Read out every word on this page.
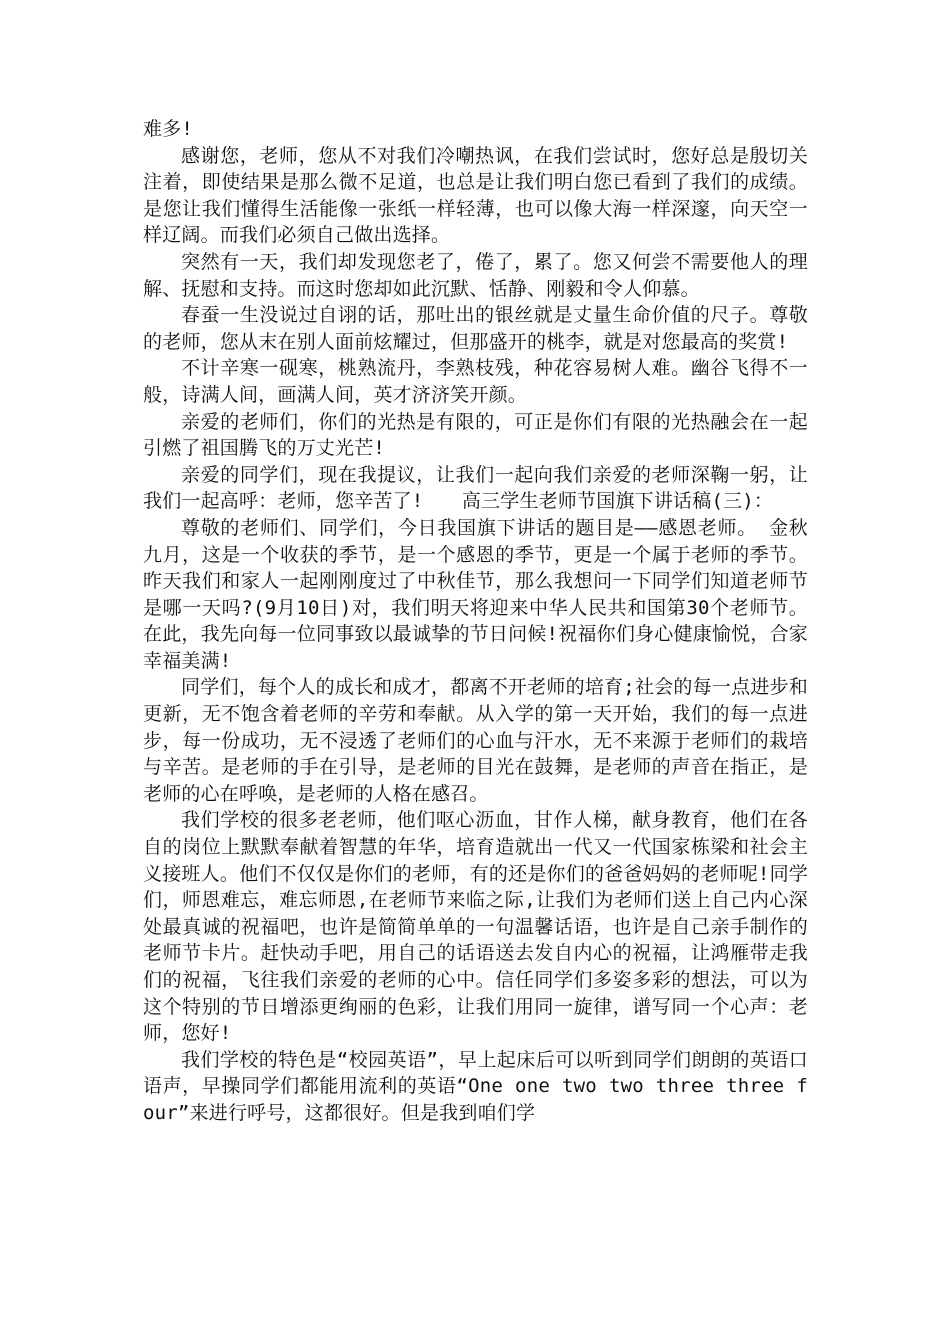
难多!

感谢您，老师，您从不对我们冷嘲热讽，在我们尝试时，您好总是殷切关注着，即使结果是那么微不足道，也总是让我们明白您已看到了我们的成绩。是您让我们懂得生活能像一张纸一样轻薄，也可以像大海一样深邃，向天空一样辽阔。而我们必须自己做出选择。

突然有一天，我们却发现您老了，倦了，累了。您又何尝不需要他人的理解、抚慰和支持。而这时您却如此沉默、恬静、刚毅和令人仰慕。

春蚕一生没说过自诩的话，那吐出的银丝就是丈量生命价值的尺子。尊敬的老师，您从末在别人面前炫耀过，但那盛开的桃李，就是对您最高的奖赏!

不计辛寒一砚寒，桃熟流丹，李熟枝残，种花容易树人难。幽谷飞得不一般，诗满人间，画满人间，英才济济笑开颜。

亲爱的老师们，你们的光热是有限的，可正是你们有限的光热融会在一起引燃了祖国腾飞的万丈光芒!

亲爱的同学们，现在我提议，让我们一起向我们亲爱的老师深鞠一躬，让我们一起高呼：老师，您辛苦了!　　高三学生老师节国旗下讲话稿(三)：

尊敬的老师们、同学们，今日我国旗下讲话的题目是——感恩老师。 金秋九月，这是一个收获的季节，是一个感恩的季节，更是一个属于老师的季节。昨天我们和家人一起刚刚度过了中秋佳节，那么我想问一下同学们知道老师节是哪一天吗?(9月10日)对，我们明天将迎来中华人民共和国第30个老师节。在此，我先向每一位同事致以最诚挚的节日问候!祝福你们身心健康愉悦，合家幸福美满!

同学们，每个人的成长和成才，都离不开老师的培育;社会的每一点进步和更新，无不饱含着老师的辛劳和奉献。从入学的第一天开始，我们的每一点进步，每一份成功，无不浸透了老师们的心血与汗水，无不来源于老师们的栽培与辛苦。是老师的手在引导，是老师的目光在鼓舞，是老师的声音在指正，是老师的心在呼唤，是老师的人格在感召。

我们学校的很多老老师，他们呕心沥血，甘作人梯，献身教育，他们在各自的岗位上默默奉献着智慧的年华，培育造就出一代又一代国家栋梁和社会主义接班人。他们不仅仅是你们的老师，有的还是你们的爸爸妈妈的老师呢!同学们，师恩难忘，难忘师恩,在老师节来临之际,让我们为老师们送上自己内心深处最真诚的祝福吧，也许是简简单单的一句温馨话语，也许是自己亲手制作的老师节卡片。赶快动手吧，用自己的话语送去发自内心的祝福，让鸿雁带走我们的祝福，飞往我们亲爱的老师的心中。信任同学们多姿多彩的想法，可以为这个特别的节日增添更绚丽的色彩，让我们用同一旋律，谱写同一个心声：老师，您好!

我们学校的特色是“校园英语”，早上起床后可以听到同学们朗朗的英语口语声，早操同学们都能用流利的英语“One one two two three three four”来进行呼号，这都很好。但是我到咱们学
